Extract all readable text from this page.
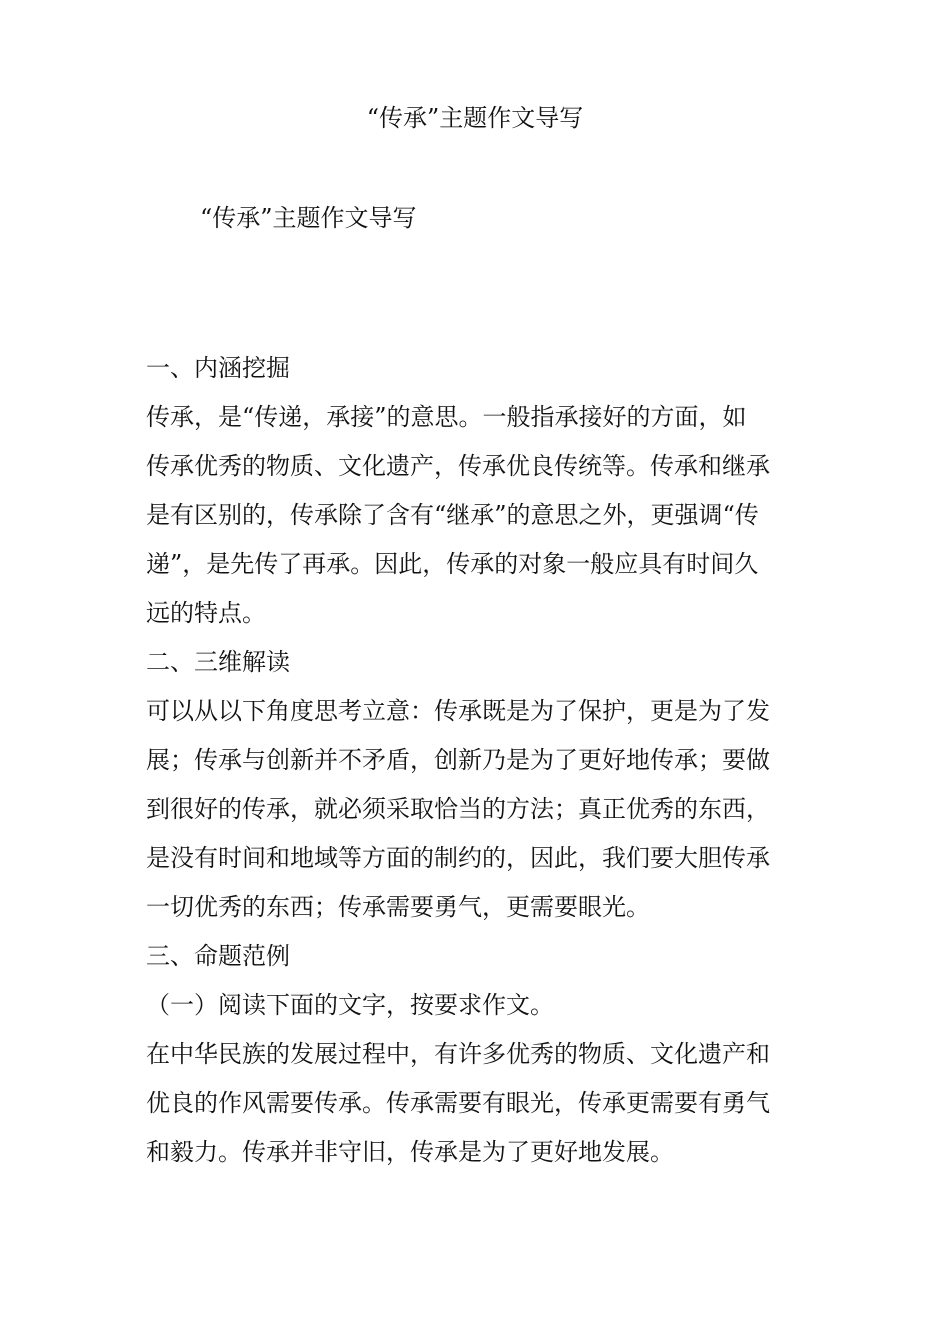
“传承”主题作文导写
“传承”主题作文导写
一、内涵挖掘
传承，是“传递，承接”的意思。一般指承接好的方面，如
传承优秀的物质、文化遗产，传承优良传统等。传承和继承
是有区别的，传承除了含有“继承”的意思之外，更强调“传
递”，是先传了再承。因此，传承的对象一般应具有时间久
远的特点。
二、三维解读
可以从以下角度思考立意：传承既是为了保护，更是为了发
展；传承与创新并不矛盾，创新乃是为了更好地传承；要做
到很好的传承，就必须采取恰当的方法；真正优秀的东西，
是没有时间和地域等方面的制约的，因此，我们要大胆传承
一切优秀的东西；传承需要勇气，更需要眼光。
三、命题范例
（一）阅读下面的文字，按要求作文。
在中华民族的发展过程中，有许多优秀的物质、文化遗产和
优良的作风需要传承。传承需要有眼光，传承更需要有勇气
和毅力。传承并非守旧，传承是为了更好地发展。
